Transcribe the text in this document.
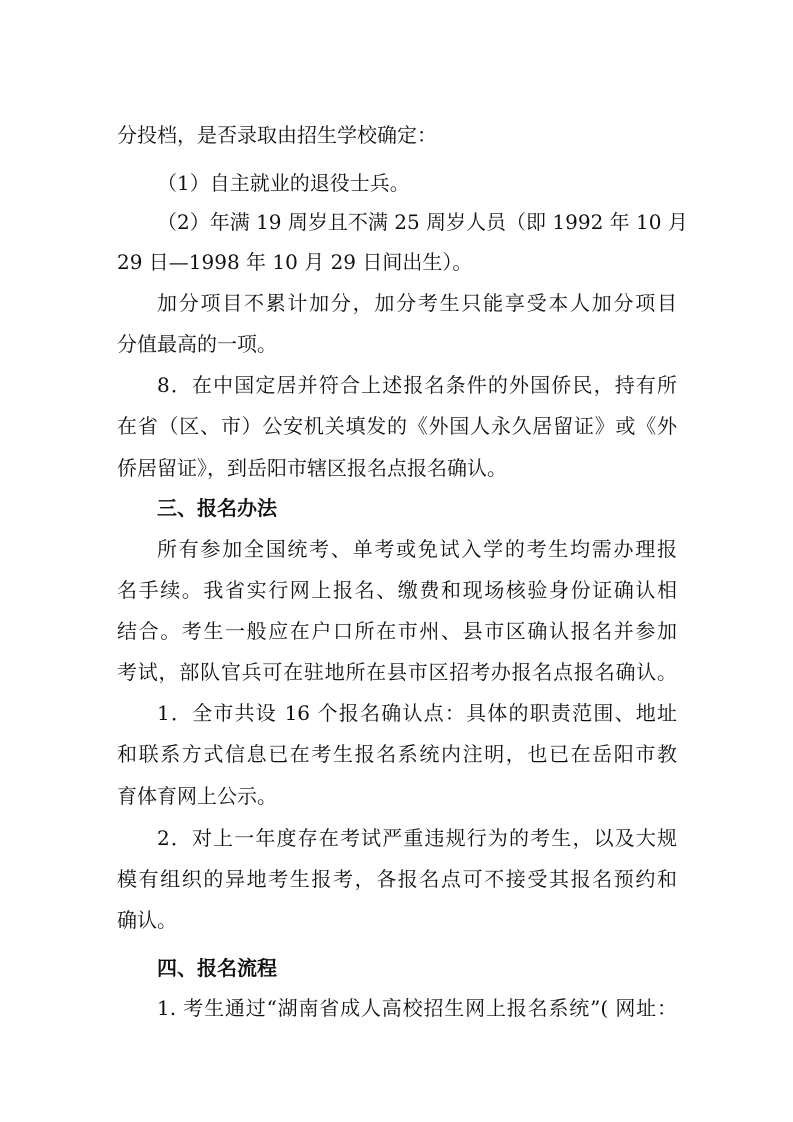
分投档，是否录取由招生学校确定：
（1）自主就业的退役士兵。
（2）年满 19 周岁且不满 25 周岁人员（即 1992 年 10 月
29 日—1998 年 10 月 29 日间出生）。
加分项目不累计加分，加分考生只能享受本人加分项目
分值最高的一项。
8．在中国定居并符合上述报名条件的外国侨民，持有所
在省（区、市）公安机关填发的《外国人永久居留证》或《外
侨居留证》，到岳阳市辖区报名点报名确认。
三、报名办法
所有参加全国统考、单考或免试入学的考生均需办理报
名手续。我省实行网上报名、缴费和现场核验身份证确认相
结合。考生一般应在户口所在市州、县市区确认报名并参加
考试，部队官兵可在驻地所在县市区招考办报名点报名确认。
1．全市共设 16 个报名确认点：具体的职责范围、地址
和联系方式信息已在考生报名系统内注明，也已在岳阳市教
育体育网上公示。
2．对上一年度存在考试严重违规行为的考生，以及大规
模有组织的异地考生报考，各报名点可不接受其报名预约和
确认。
四、报名流程
1. 考生通过“湖南省成人高校招生网上报名系统”( 网址：
